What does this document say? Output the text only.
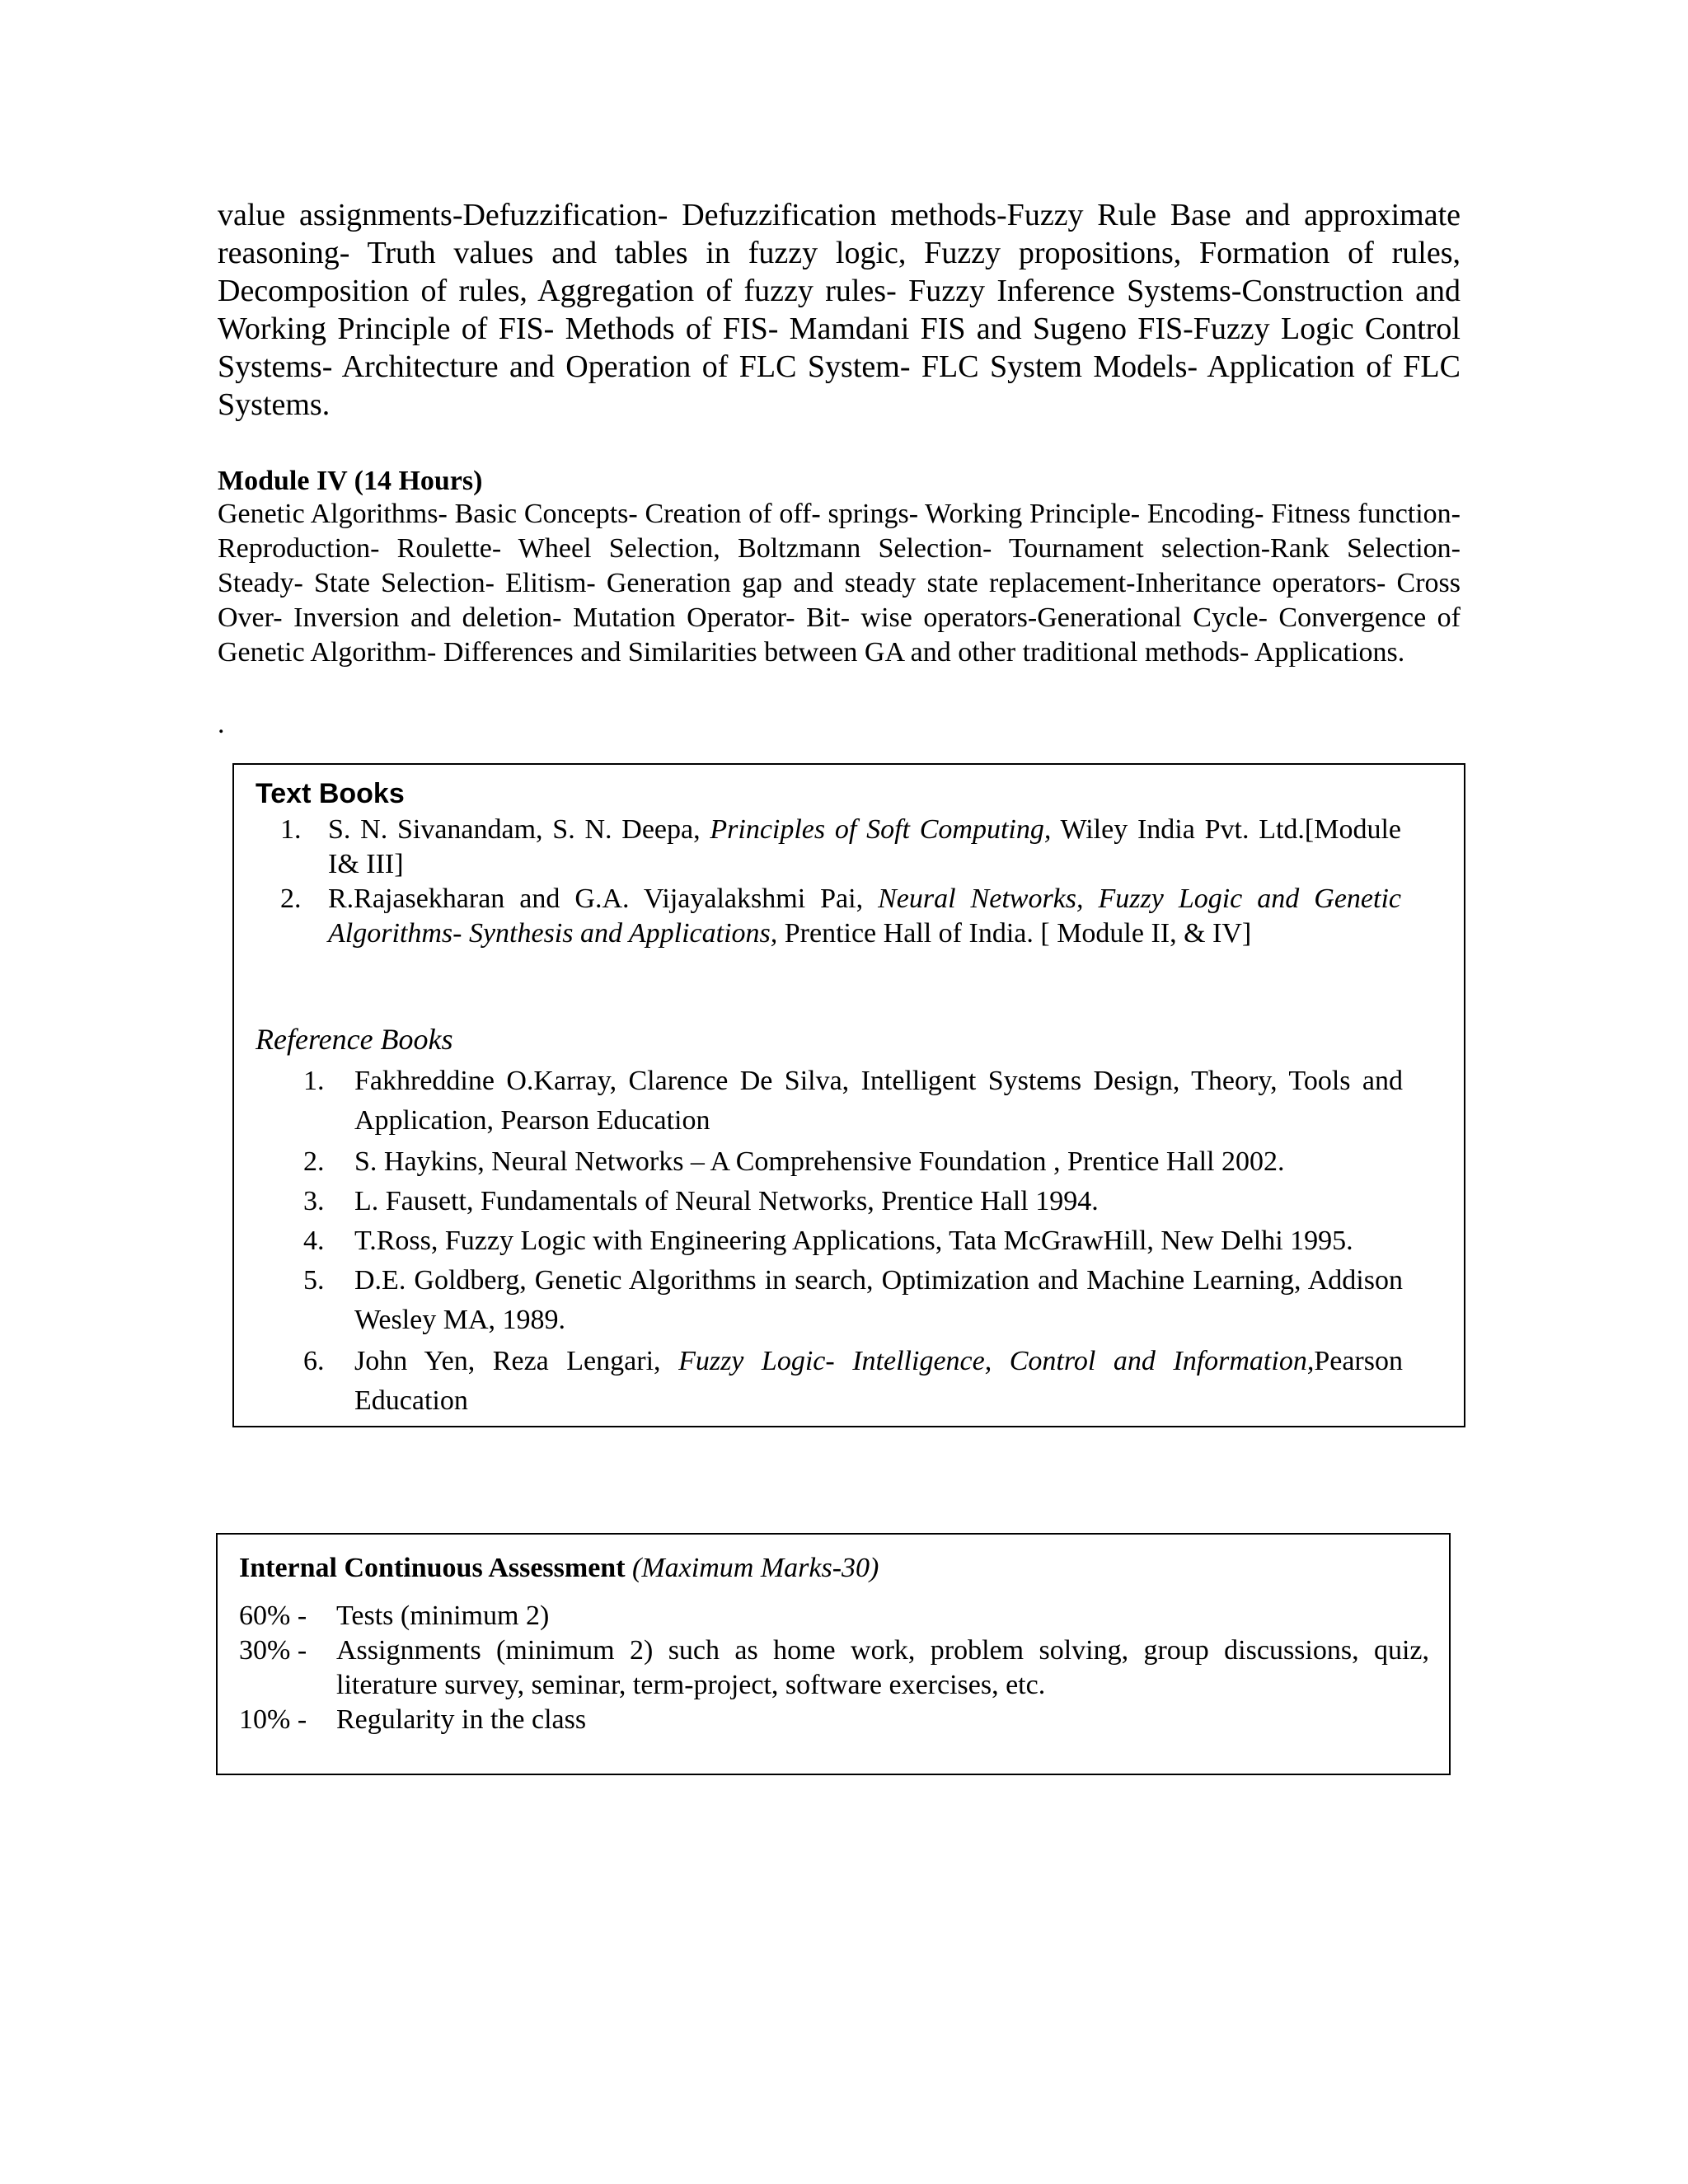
value assignments-Defuzzification- Defuzzification methods-Fuzzy Rule Base and approximate reasoning- Truth values and tables in fuzzy logic, Fuzzy propositions, Formation of rules, Decomposition of rules, Aggregation of fuzzy rules- Fuzzy Inference Systems-Construction and Working Principle of FIS- Methods of FIS- Mamdani FIS and Sugeno FIS-Fuzzy Logic Control Systems- Architecture and Operation of FLC System- FLC System Models- Application of FLC Systems.

Module IV (14 Hours)

Genetic Algorithms- Basic Concepts- Creation of off- springs- Working Principle- Encoding- Fitness function- Reproduction- Roulette- Wheel Selection, Boltzmann Selection- Tournament selection-Rank Selection- Steady- State Selection- Elitism- Generation gap and steady state replacement-Inheritance operators- Cross Over- Inversion and deletion- Mutation Operator- Bit- wise operators-Generational Cycle- Convergence of Genetic Algorithm- Differences and Similarities between GA and other traditional methods- Applications.

.

Text Books

1. S. N. Sivanandam, S. N. Deepa, Principles of Soft Computing, Wiley India Pvt. Ltd.[Module I& III]
2. R.Rajasekharan and G.A. Vijayalakshmi Pai, Neural Networks, Fuzzy Logic and Genetic Algorithms- Synthesis and Applications, Prentice Hall of India. [ Module II, & IV]

Reference Books

1. Fakhreddine O.Karray, Clarence De Silva, Intelligent Systems Design, Theory, Tools and Application, Pearson Education
2. S. Haykins, Neural Networks – A Comprehensive Foundation , Prentice Hall 2002.
3. L. Fausett, Fundamentals of Neural Networks, Prentice Hall 1994.
4. T.Ross, Fuzzy Logic with Engineering Applications, Tata McGrawHill, New Delhi 1995.
5. D.E. Goldberg, Genetic Algorithms in search, Optimization and Machine Learning, Addison Wesley MA, 1989.
6. John Yen, Reza Lengari, Fuzzy Logic- Intelligence, Control and Information,Pearson Education

Internal Continuous Assessment (Maximum Marks-30)

60% - Tests (minimum 2)
30% - Assignments (minimum 2) such as home work, problem solving, group discussions, quiz, literature survey, seminar, term-project, software exercises, etc.
10% - Regularity in the class
